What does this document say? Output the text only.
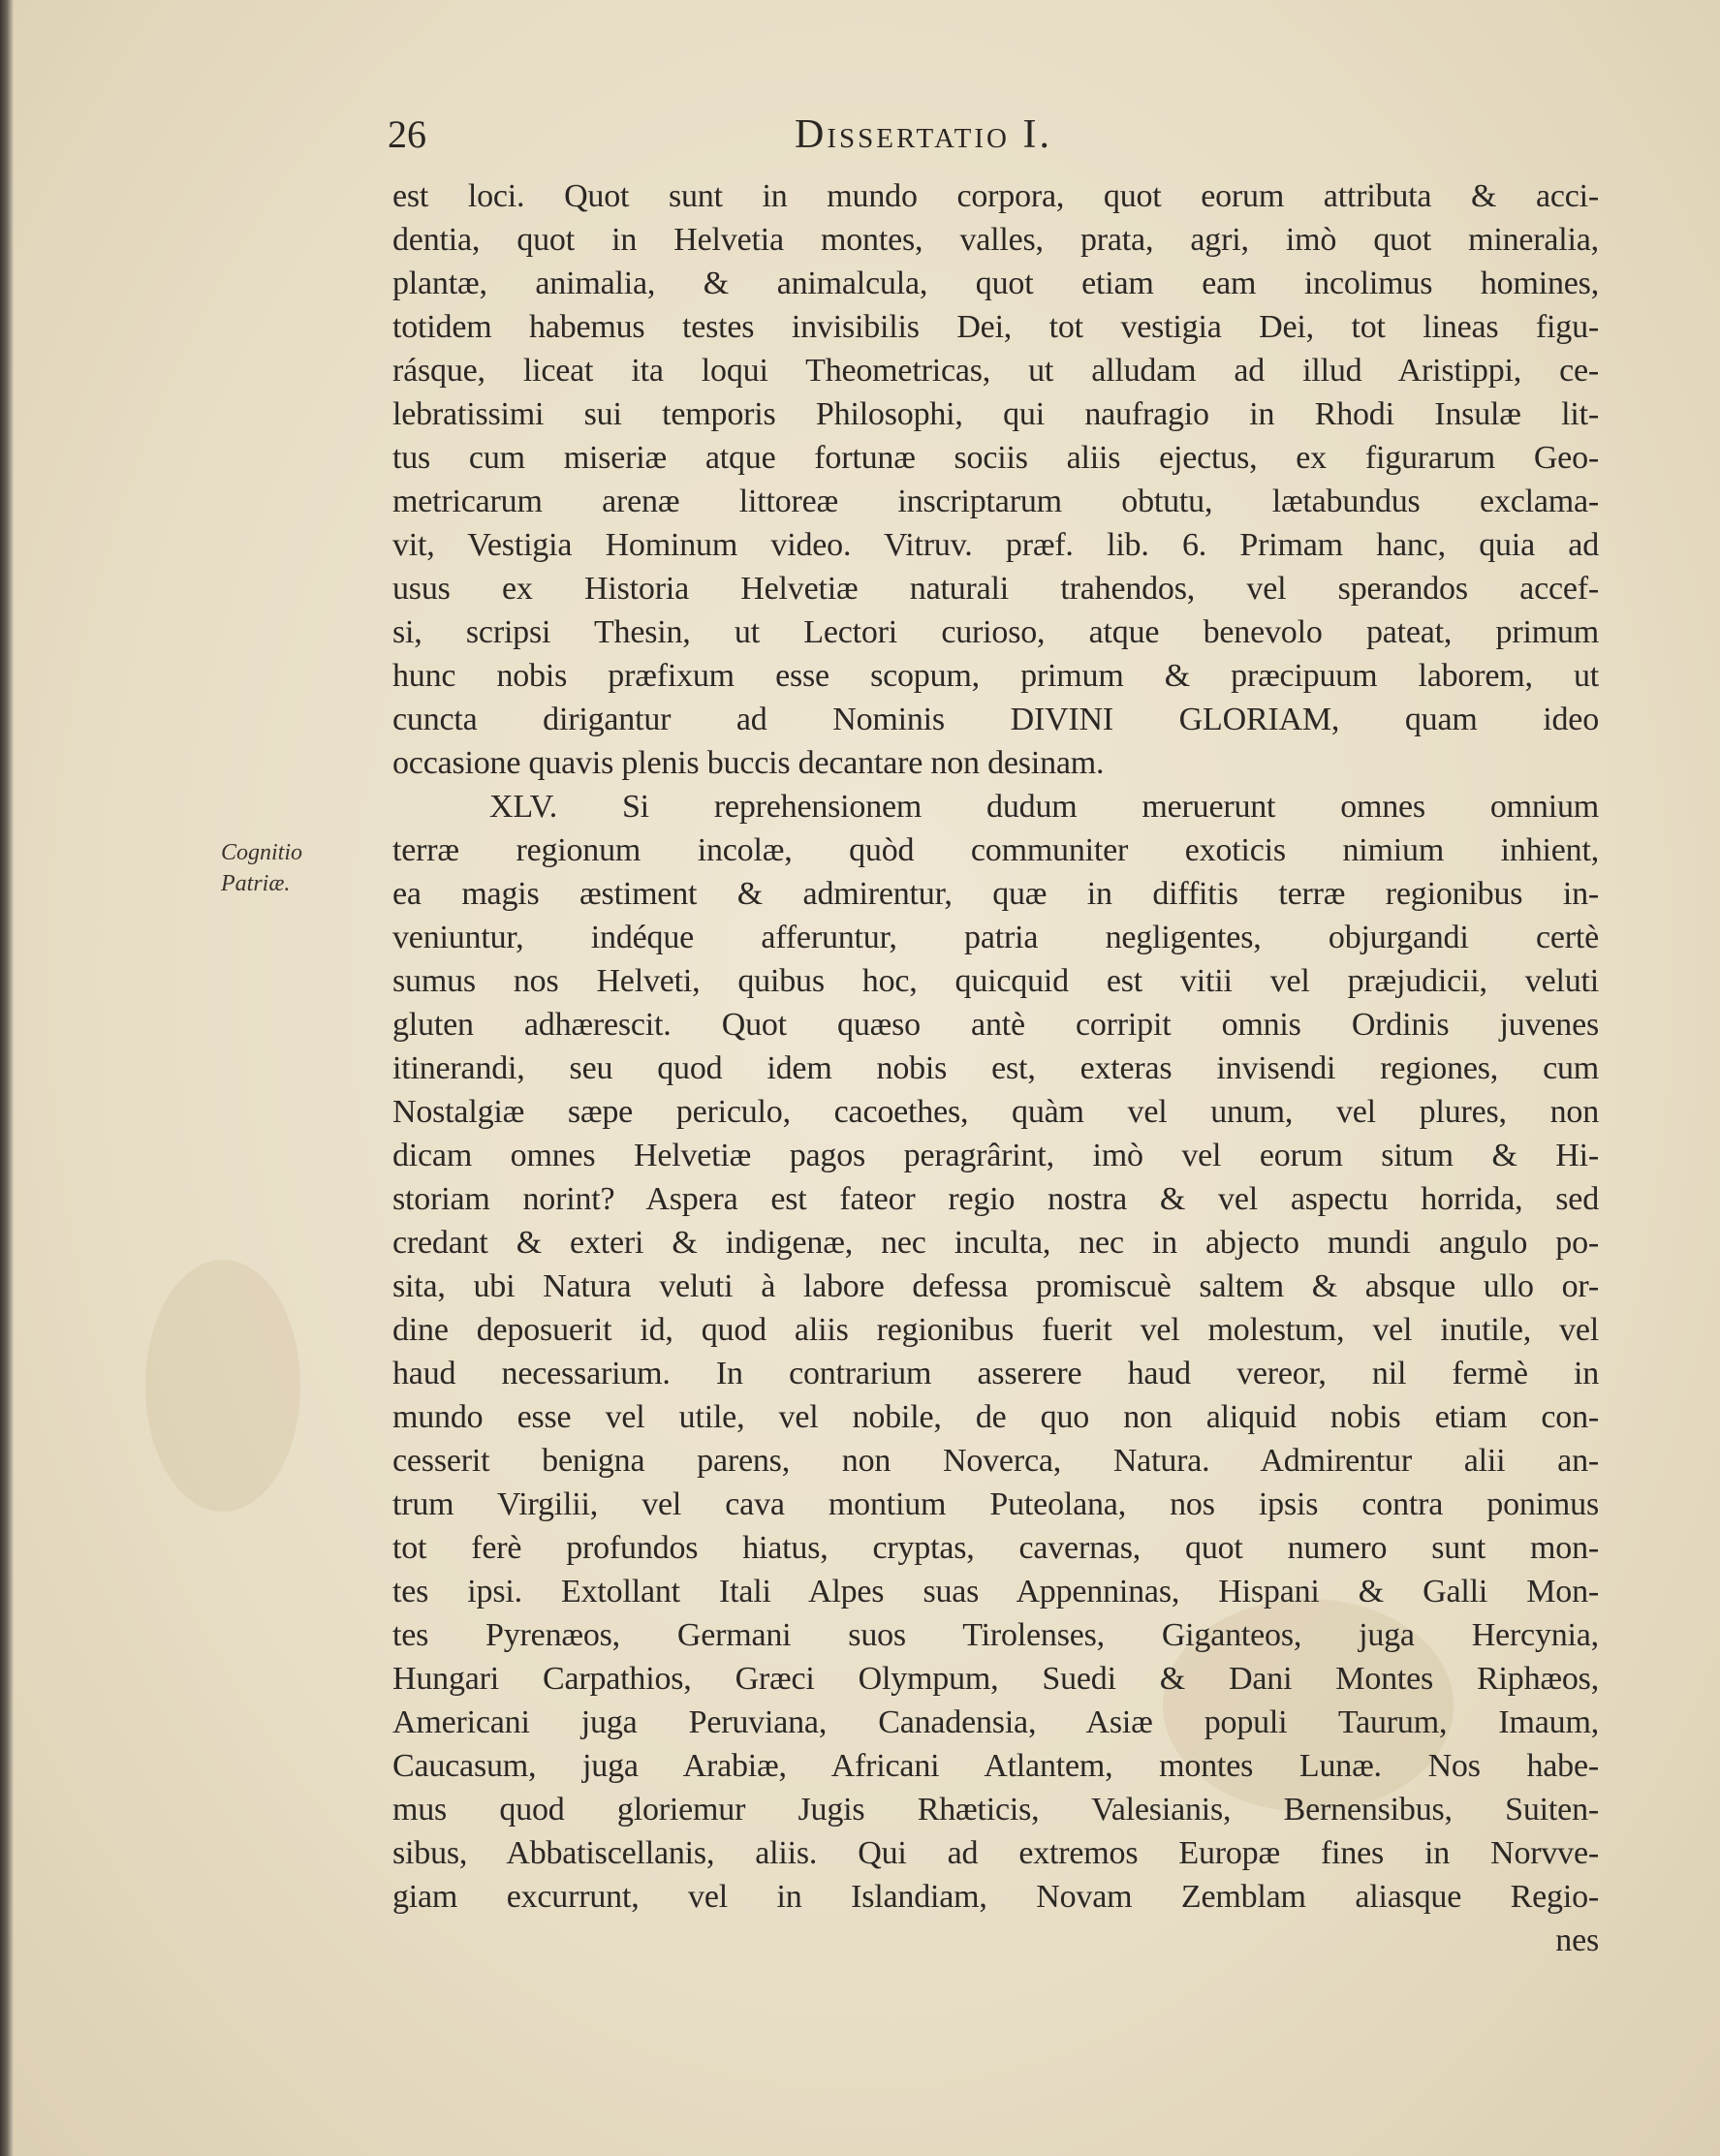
26	Dissertatio I.
Cognitio
Patriæ.
est loci. Quot sunt in mundo corpora, quot eorum attributa & acci-
dentia, quot in Helvetia montes, valles, prata, agri, imò quot mineralia,
plantæ, animalia, & animalcula, quot etiam eam incolimus homines,
totidem habemus testes invisibilis Dei, tot vestigia Dei, tot lineas figu-
rásque, liceat ita loqui Theometricas, ut alludam ad illud Aristippi, ce-
lebratissimi sui temporis Philosophi, qui naufragio in Rhodi Insulæ lit-
tus cum miseriæ atque fortunæ sociis aliis ejectus, ex figurarum Geo-
metricarum arenæ littoreæ inscriptarum obtutu, lætabundus exclama-
vit, Vestigia Hominum video. Vitruv. præf. lib. 6. Primam hanc, quia ad
usus ex Historia Helvetiæ naturali trahendos, vel sperandos accef-
si, scripsi Thesin, ut Lectori curioso, atque benevolo pateat, primum
hunc nobis præfixum esse scopum, primum & præcipuum laborem, ut
cuncta dirigantur ad Nominis DIVINI GLORIAM, quam ideo
occasione quavis plenis buccis decantare non desinam.
XLV. Si reprehensionem dudum meruerunt omnes omnium
terræ regionum incolæ, quòd communiter exoticis nimium inhient,
ea magis æstiment & admirentur, quæ in diffitis terræ regionibus in-
veniuntur, indéque afferuntur, patria negligentes, objurgandi certè
sumus nos Helveti, quibus hoc, quicquid est vitii vel præjudicii, veluti
gluten adhærescit. Quot quæso antè corripit omnis Ordinis juvenes
itinerandi, seu quod idem nobis est, exteras invisendi regiones, cum
Nostalgiæ sæpe periculo, cacoethes, quàm vel unum, vel plures, non
dicam omnes Helvetiæ pagos peragrârint, imò vel eorum situm & Hi-
storiam norint? Aspera est fateor regio nostra & vel aspectu horrida, sed
credant & exteri & indigenæ, nec inculta, nec in abjecto mundi angulo po-
sita, ubi Natura veluti à labore defessa promiscuè saltem & absque ullo or-
dine deposuerit id, quod aliis regionibus fuerit vel molestum, vel inutile, vel
haud necessarium. In contrarium asserere haud vereor, nil fermè in
mundo esse vel utile, vel nobile, de quo non aliquid nobis etiam con-
cesserit benigna parens, non Noverca, Natura. Admirentur alii an-
trum Virgilii, vel cava montium Puteolana, nos ipsis contra ponimus
tot ferè profundos hiatus, cryptas, cavernas, quot numero sunt mon-
tes ipsi. Extollant Itali Alpes suas Appenninas, Hispani & Galli Mon-
tes Pyrenæos, Germani suos Tirolenses, Giganteos, juga Hercynia,
Hungari Carpathios, Græci Olympum, Suedi & Dani Montes Riphæos,
Americani juga Peruviana, Canadensia, Asiæ populi Taurum, Imaum,
Caucasum, juga Arabiæ, Africani Atlantem, montes Lunæ. Nos habe-
mus quod gloriemur Jugis Rhæticis, Valesianis, Bernensibus, Suiten-
sibus, Abbatiscellanis, aliis. Qui ad extremos Europæ fines in Norvve-
giam excurrunt, vel in Islandiam, Novam Zemblam aliasque Regio-
nes
